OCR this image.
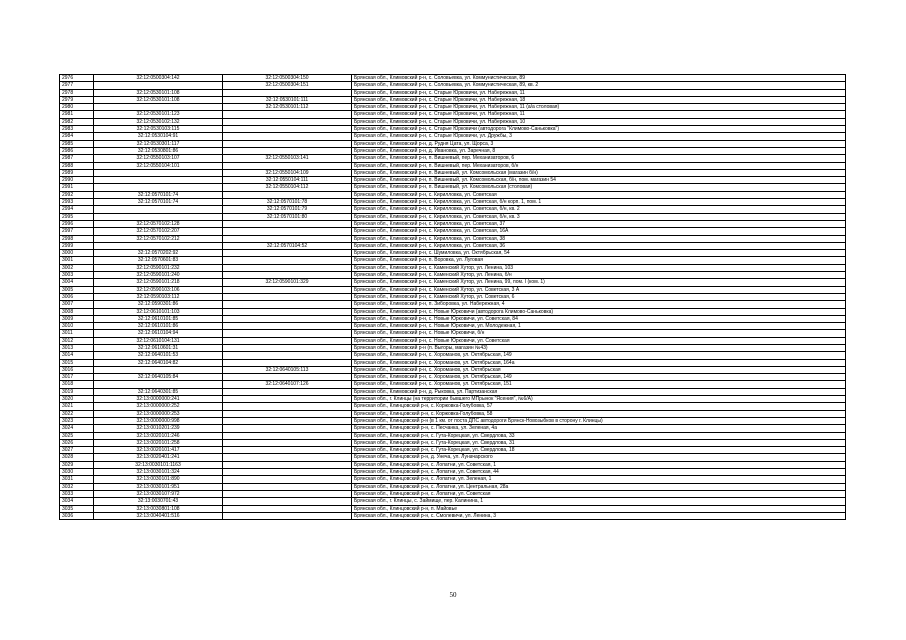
2976	32:12:0500304:142	32:12:0500304:150	Брянская обл., Климовский р-н, с. Соловьевка, ул. Коммунистическая, 89
2977		32:12:0500304:151	Брянская обл., Климовский р-н, с. Соловьевка, ул. Коммунистическая, 89, кв. 2
2978	32:12:0530101:108		Брянская обл., Климовский р-н, с. Старые Юрковичи, ул. Набережная, 11
2979	32:12:0530101:108	32:12:0530101:111	Брянская обл., Климовский р-н, с. Старые Юрковичи, ул. Набережная, 18
2980		32:12:0530101:112	Брянская обл., Климовский р-н, с. Старые Юрковичи, ул. Набережная, 11 (а/а столовая)
2981	32:12:0530101:123		Брянская обл., Климовский р-н, с. Старые Юрковичи, ул. Набережная, 11
2982	32:12:0530102:132		Брянская обл., Климовский р-н, с. Старые Юрковичи, ул. Набережная, 10
2983	32:12:0530103:115		Брянская обл., Климовский р-н, с. Старые Юрковичи (автодорога "Климово-Саньковка")
2984	32:12:0530104:91		Брянская обл., Климовский р-н, с. Старые Юрковичи, ул. Дружбы, 3
2985	32:12:0530301:117		Брянская обл., Климовский р-н, д. Рудня Цата, ул. Щорса, 3
2986	32:12:0530801:86		Брянская обл., Климовский р-н, д. Ивановка, ул. Заречная, 8
2987	32:12:0550103:107	32:12:0550103:141	Брянская обл., Климовский р-н, п. Вишневый, пер. Механизаторов, 6
2988	32:12:0550104:101		Брянская обл., Климовский р-н, п. Вишневый, пер. Механизаторов, б/н
2989		32:12:0550104:109	Брянская обл., Климовский р-н, п. Вишневый, ул. Комсомольская (магазин б/н)
2990		32:12:0550104:111	Брянская обл., Климовский р-н, п. Вишневый, ул. Комсомольская, б/н, пом. магазин 54
2991		32:12:0550104:112	Брянская обл., Климовский р-н, п. Вишневый, ул. Комсомольская (столовая)
2992	32:12:0570101:74		Брянская обл., Климовский р-н, с. Кирилловка, ул. Советская
2993	32:12:0570101:74	32:12:0570101:78	Брянская обл., Климовский р-н, с. Кирилловка, ул. Советская, б/н корп. 1, пом. 1
2994		32:12:0570101:79	Брянская обл., Климовский р-н, с. Кирилловка, ул. Советская, б/н, кв. 2
2995		32:12:0570101:80	Брянская обл., Климовский р-н, с. Кирилловка, ул. Советская, б/н, кв. 3
2996	32:12:0570102:128		Брянская обл., Климовский р-н, с. Кирилловка, ул. Советская, 37
2997	32:12:0570102:207		Брянская обл., Климовский р-н, с. Кирилловка, ул. Советская, 16А
2998	32:12:0570102:212		Брянская обл., Климовский р-н, с. Кирилловка, ул. Советская, 38
2999		32:12:0570104:52	Брянская обл., Климовский р-н, с. Кирилловка, ул. Советская, 36
3000	32:12:0570202:92		Брянская обл., Климовский р-н, с. Шумиловка, ул. Октябрьская, 54
3001	32:12:0570601:83		Брянская обл., Климовский р-н, п. Воровка, ул. Луговая
3002	32:12:0590101:232		Брянская обл., Климовский р-н, с. Каменский Хутор, ул. Ленина, 103
3003	32:12:0590101:240		Брянская обл., Климовский р-н, с. Каменский Хутор, ул. Ленина, б/н
3004	32:12:0590101:218	32:12:0590101:329	Брянская обл., Климовский р-н, с. Каменский Хутор, ул. Ленина, 99, пом. I (ком. 1)
3005	32:12:0590103:106		Брянская обл., Климовский р-н, с. Каменский Хутор, ул. Советская, 3 А
3006	32:12:0590103:112		Брянская обл., Климовский р-н, с. Каменский Хутор, ул. Советская, 6
3007	32:12:0590301:86		Брянская обл., Климовский р-н, п. Зиборовка, ул. Набережная, 4
3008	32:12:0610101:103		Брянская обл., Климовский р-н, с. Новые Юрковичи (автодорога Климово-Саньковка)
3009	32:12:0610101:85		Брянская обл., Климовский р-н, с. Новые Юрковичи, ул. Советская, 84
3010	32:12:0610101:86		Брянская обл., Климовский р-н, с. Новые Юрковичи, ул. Молодежная, 1
3011	32:12:0610104:94		Брянская обл., Климовский р-н, с. Новые Юрковичи, б/н
3012	32:12:0610104:131		Брянская обл., Климовский р-н, с. Новые Юрковичи, ул. Советская
3013	32:12:0610601:31		Брянская обл., Климовский р-н (п. Выгоры, магазин №43)
3014	32:12:0640101:53		Брянская обл., Климовский р-н, с. Хороманов, ул. Октябрьская, 149
3015	32:12:0640104:82		Брянская обл., Климовский р-н, с. Хороманов, ул. Октябрьская, 164а
3016		32:12:0640105:113	Брянская обл., Климовский р-н, с. Хороманов, ул. Октябрьская
3017	32:12:0640105:84		Брянская обл., Климовский р-н, с. Хороманов, ул. Октябрьская, 149
3018		32:12:0640107:126	Брянская обл., Климовский р-н, с. Хороманов, ул. Октябрьская, 151
3019	32:12:0640301:85		Брянская обл., Климовский р-н, д. Рыковка, ул. Партизанская
3020	32:13:0000000:241		Брянская обл., г. Клинцы (на территории бывшего МПрынок "Ясения", №6/А)
3021	32:13:0000000:252		Брянская обл., Клинцовский р-н, с. Коржовка-Голубовка, 57
3022	32:13:0000000:253		Брянская обл., Клинцовский р-н, с. Коржовка-Голубовка, 58
3023	32:13:0000000:998		Брянская обл., Клинцовский р-н (в 1 км. от поста ДПС автодороги Брянск-Новозыбков в сторону г. Клинцы)
3024	32:13:0010201:239		Брянская обл., Клинцовский р-н, с. Песчанка, ул. Зеленая, 4а
3025	32:13:0020101:246		Брянская обл., Клинцовский р-н, с. Гута-Корецкая, ул. Свердлова, 33
3026	32:13:0020101:258		Брянская обл., Клинцовский р-н, с. Гута-Корецкая, ул. Свердлова, 31
3027	32:13:0020101:417		Брянская обл., Клинцовский р-н, с. Гута-Корецкая, ул. Свердлова, 18
3028	32:13:0020401:241		Брянская обл., Клинцовский р-н, д. Унеча, ул. Луначарского
3029	32:13:0030101:1163		Брянская обл., Клинцовский р-н, с. Лопатни, ул. Советская, 1
3030	32:13:0030101:324		Брянская обл., Клинцовский р-н, с. Лопатни, ул. Советская, 44
3031	32:13:0030101:890		Брянская обл., Клинцовский р-н, с. Лопатни, ул. Зеленая, 1
3032	32:13:0030101:951		Брянская обл., Клинцовский р-н, с. Лопатни, ул. Центральная, 28а
3033	32:13:0030107:972		Брянская обл., Клинцовский р-н, с. Лопатни, ул. Советская
3034	32:13:0030701:43		Брянская обл., г. Клинцы, с. Займище, пер. Калинина, 1
3035	32:13:0030801:108		Брянская обл., Клинцовский р-н, п. Майовье
3036	32:13:0040401:516		Брянская обл., Клинцовский р-н, с. Смолевичи, ул. Ленина, 3
50
